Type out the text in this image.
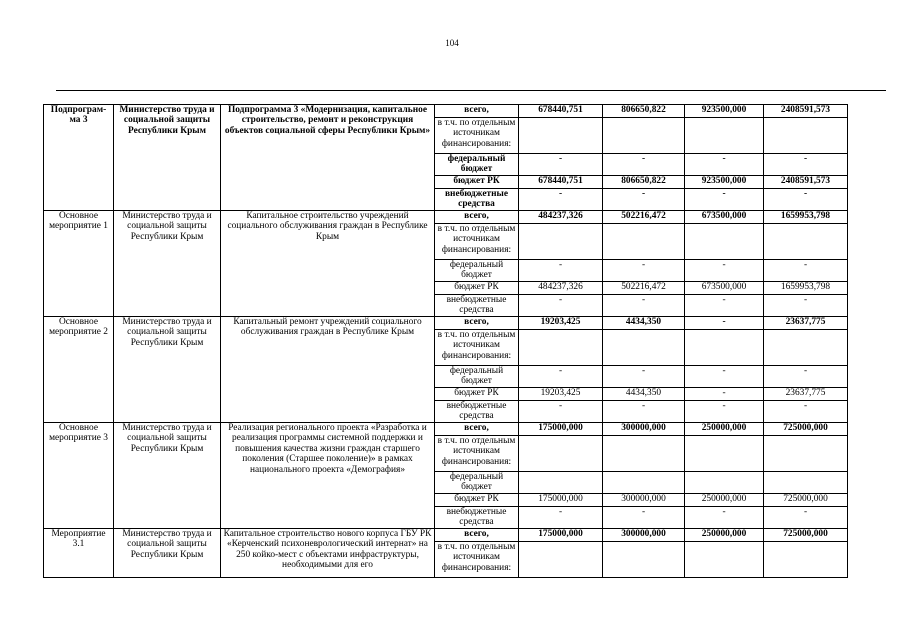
104
Подпрограм-ма 3	Министерство труда и социальной защиты Республики Крым	Подпрограмма 3 «Модернизация, капитальное строительство, ремонт и реконструкция объектов социальной сферы Республики Крым»	всего,	678440,751	806650,822	923500,000	2408591,573
			в т.ч. по отдельным источникам финансирования:				
			федеральный бюджет	-	-	-	-
			бюджет РК	678440,751	806650,822	923500,000	2408591,573
			внебюджетные средства	-	-	-	-
Основное мероприятие 1	Министерство труда и социальной защиты Республики Крым	Капитальное строительство учреждений социального обслуживания граждан в Республике Крым	всего,	484237,326	502216,472	673500,000	1659953,798
			в т.ч. по отдельным источникам финансирования:				
			федеральный бюджет	-	-	-	-
			бюджет РК	484237,326	502216,472	673500,000	1659953,798
			внебюджетные средства	-	-	-	-
Основное мероприятие 2	Министерство труда и социальной защиты Республики Крым	Капитальный ремонт учреждений социального обслуживания граждан в Республике Крым	всего,	19203,425	4434,350	-	23637,775
			в т.ч. по отдельным источникам финансирования:				
			федеральный бюджет	-	-	-	-
			бюджет РК	19203,425	4434,350	-	23637,775
			внебюджетные средства	-	-	-	-
Основное мероприятие 3	Министерство труда и социальной защиты Республики Крым	Реализация регионального проекта «Разработка и реализация программы системной поддержки и повышения качества жизни граждан старшего поколения (Старшее поколение)» в рамках национального проекта «Демография»	всего,	175000,000	300000,000	250000,000	725000,000
			в т.ч. по отдельным источникам финансирования:				
			федеральный бюджет				
			бюджет РК	175000,000	300000,000	250000,000	725000,000
			внебюджетные средства	-	-	-	-
Мероприятие 3.1	Министерство труда и социальной защиты Республики Крым	Капитальное строительство нового корпуса ГБУ РК «Керченский психоневрологический интернат» на 250 койко-мест с объектами инфраструктуры, необходимыми для его	всего,	175000,000	300000,000	250000,000	725000,000
			в т.ч. по отдельным источникам финансирования:				
